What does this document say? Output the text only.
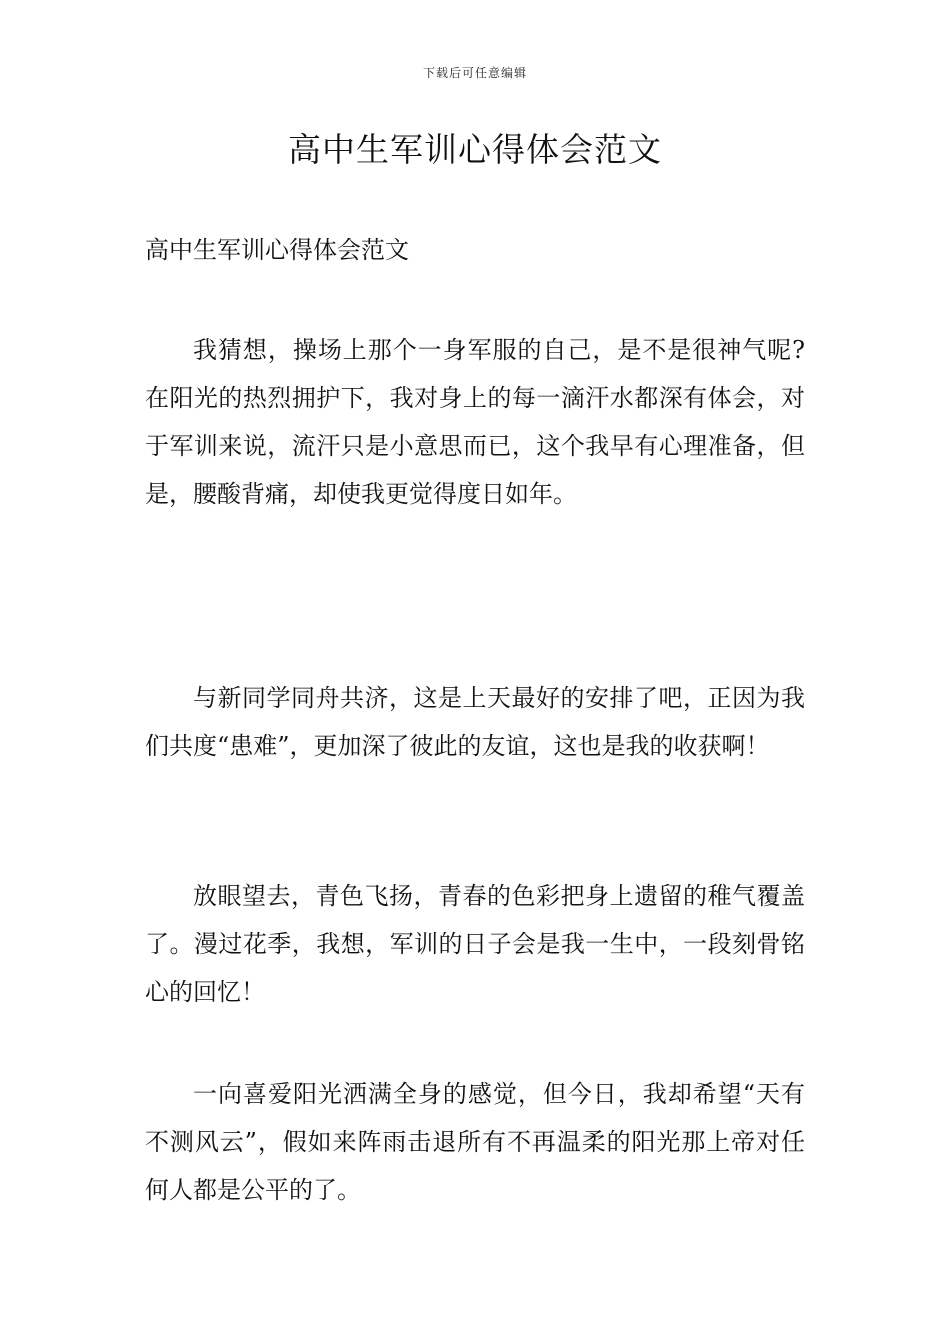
下载后可任意编辑
高中生军训心得体会范文
高中生军训心得体会范文

我猜想，操场上那个一身军服的自己，是不是很神气呢?在阳光的热烈拥护下，我对身上的每一滴汗水都深有体会，对于军训来说，流汗只是小意思而已，这个我早有心理准备，但是，腰酸背痛，却使我更觉得度日如年。

与新同学同舟共济，这是上天最好的安排了吧，正因为我们共度“患难”，更加深了彼此的友谊，这也是我的收获啊！

放眼望去，青色飞扬，青春的色彩把身上遗留的稚气覆盖了。漫过花季，我想，军训的日子会是我一生中，一段刻骨铭心的回忆！

一向喜爱阳光洒满全身的感觉，但今日，我却希望“天有不测风云”，假如来阵雨击退所有不再温柔的阳光那上帝对任何人都是公平的了。
